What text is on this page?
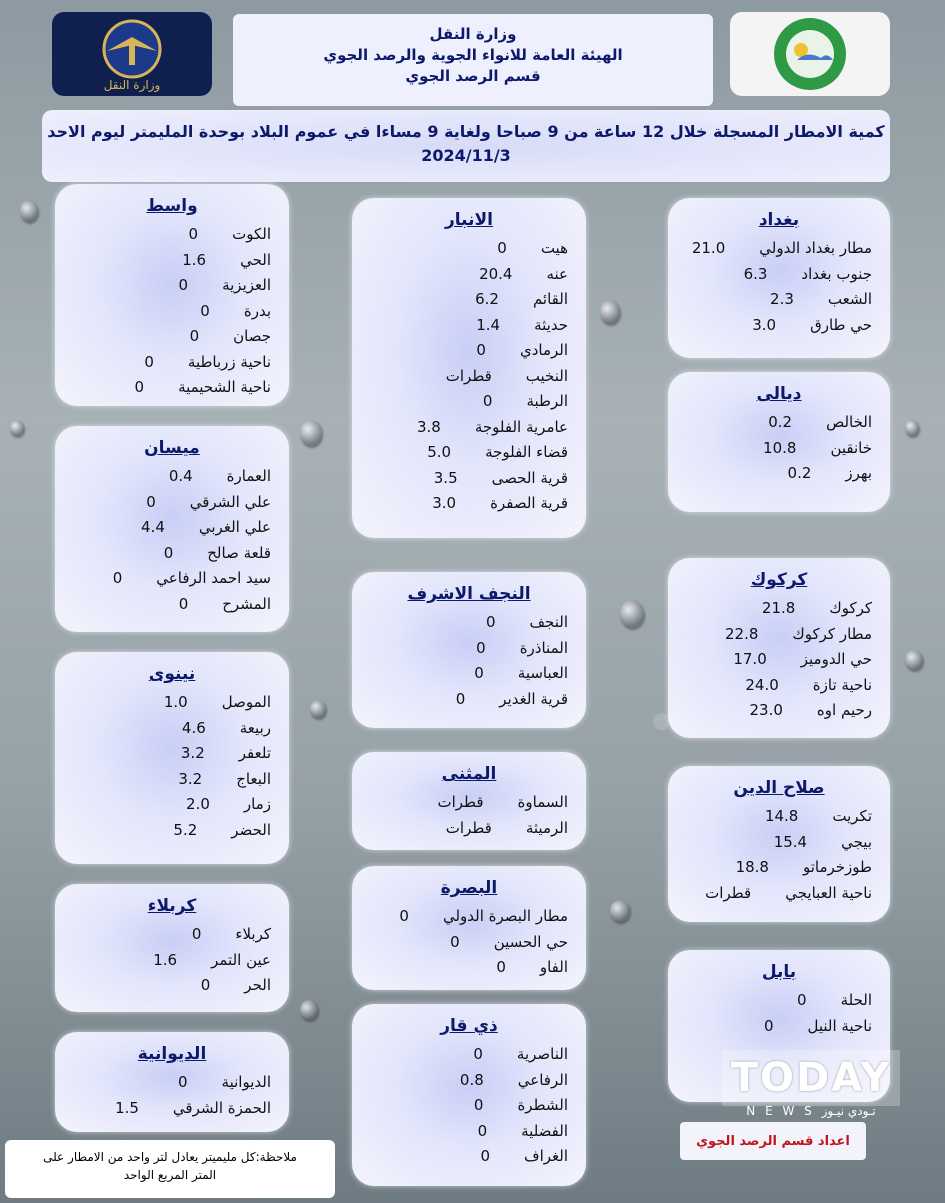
وزارة النقل
وزارة النقل
الهيئة العامة للانواء الجوية والرصد الجوي
قسم الرصد الجوي
كمية الامطار المسجلة خلال 12 ساعة من 9 صباحا ولغاية 9 مساءا في عموم البلاد بوحدة المليمتر ليوم الاحد
2024/11/3
بغداد
مطار بغداد الدولي
21.0
جنوب بغداد
6.3
الشعب
2.3
حي طارق
3.0
ديالى
الخالص
0.2
خانقين
10.8
بهرز
0.2
كركوك
كركوك
21.8
مطار كركوك
22.8
حي الدوميز
17.0
ناحية تازة
24.0
رحيم اوه
23.0
صلاح الدين
تكريت
14.8
بيجي
15.4
طوزخرماتو
18.8
ناحية العبايجي
قطرات
بابل
الحلة
0
ناحية النيل
0
الانبار
هيت
0
عنه
20.4
القائم
6.2
حديثة
1.4
الرمادي
0
النخيب
قطرات
الرطبة
0
عامرية الفلوجة
3.8
قضاء الفلوجة
5.0
قرية الحصى
3.5
قرية الصفرة
3.0
النجف الاشرف
النجف
0
المناذرة
0
العباسية
0
قرية الغدير
0
المثنى
السماوة
قطرات
الرميثة
قطرات
البصرة
مطار البصرة الدولي
0
حي الحسين
0
الفاو
0
ذي قار
الناصرية
0
الرفاعي
0.8
الشطرة
0
الفضلية
0
الغراف
0
واسط
الكوت
0
الحي
1.6
العزيزية
0
بدرة
0
جصان
0
ناحية زرباطية
0
ناحية الشحيمية
0
ميسان
العمارة
0.4
علي الشرقي
0
علي الغربي
4.4
قلعة صالح
0
سيد احمد الرفاعي
0
المشرح
0
نينوى
الموصل
1.0
ربيعة
4.6
تلعفر
3.2
البعاج
3.2
زمار
2.0
الحضر
5.2
كربلاء
كربلاء
0
عين التمر
1.6
الحر
0
الديوانية
الديوانية
0
الحمزة الشرقي
1.5
ملاحظة:كل مليميتر يعادل لتر واحد من الامطار على
المتر المربع الواحد
TODAY
N E W S تـودي نيـوز
اعداد قسم الرصد الجوي
